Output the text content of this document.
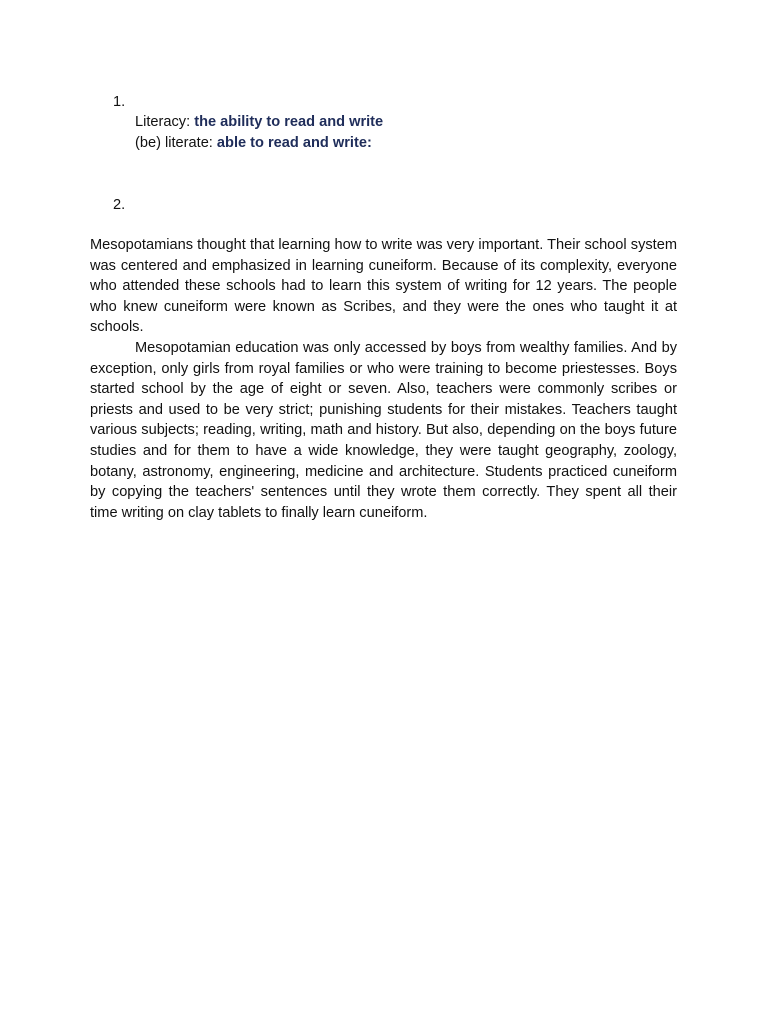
1.
Literacy: the ability to read and write
(be) literate: able to read and write:
2.

Mesopotamians thought that learning how to write was very important. Their school system was centered and emphasized in learning cuneiform. Because of its complexity, everyone who attended these schools had to learn this system of writing for 12 years. The people who knew cuneiform were known as Scribes, and they were the ones who taught it at schools.

Mesopotamian education was only accessed by boys from wealthy families. And by exception, only girls from royal families or who were training to become priestesses. Boys started school by the age of eight or seven. Also, teachers were commonly scribes or priests and used to be very strict; punishing students for their mistakes. Teachers taught various subjects; reading, writing, math and history. But also, depending on the boys future studies and for them to have a wide knowledge, they were taught geography, zoology, botany, astronomy, engineering, medicine and architecture. Students practiced cuneiform by copying the teachers' sentences until they wrote them correctly. They spent all their time writing on clay tablets to finally learn cuneiform.
